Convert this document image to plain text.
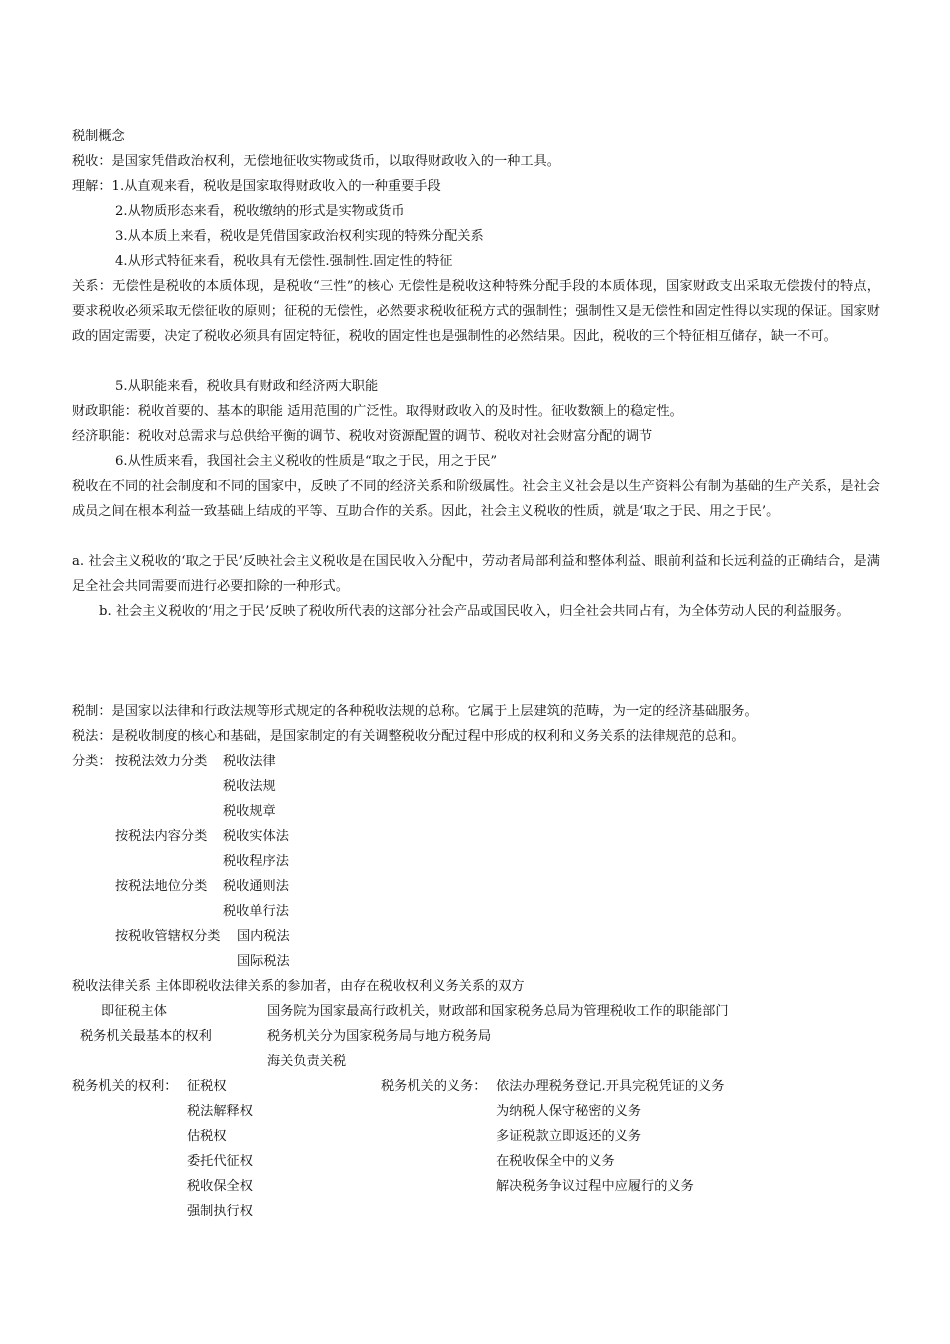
税制概念
税收：是国家凭借政治权利，无偿地征收实物或货币，以取得财政收入的一种工具。
理解：1.从直观来看，税收是国家取得财政收入的一种重要手段
2.从物质形态来看，税收缴纳的形式是实物或货币
3.从本质上来看，税收是凭借国家政治权利实现的特殊分配关系
4.从形式特征来看，税收具有无偿性.强制性.固定性的特征
关系：无偿性是税收的本质体现，是税收“三性”的核心 无偿性是税收这种特殊分配手段的本质体现，国家财政支出采取无偿拨付的特点，要求税收必须采取无偿征收的原则；征税的无偿性，必然要求税收征税方式的强制性；强制性又是无偿性和固定性得以实现的保证。国家财政的固定需要，决定了税收必须具有固定特征，税收的固定性也是强制性的必然结果。因此，税收的三个特征相互储存，缺一不可。
5.从职能来看，税收具有财政和经济两大职能
财政职能：税收首要的、基本的职能 适用范围的广泛性。取得财政收入的及时性。征收数额上的稳定性。
经济职能：税收对总需求与总供给平衡的调节、税收对资源配置的调节、税收对社会财富分配的调节
6.从性质来看，我国社会主义税收的性质是“取之于民，用之于民”
税收在不同的社会制度和不同的国家中，反映了不同的经济关系和阶级属性。社会主义社会是以生产资料公有制为基础的生产关系，是社会成员之间在根本利益一致基础上结成的平等、互助合作的关系。因此，社会主义税收的性质，就是‘取之于民、用之于民’。
a. 社会主义税收的‘取之于民’反映社会主义税收是在国民收入分配中，劳动者局部利益和整体利益、眼前利益和长远利益的正确结合，是满足全社会共同需要而进行必要扣除的一种形式。
b. 社会主义税收的‘用之于民’反映了税收所代表的这部分社会产品或国民收入，归全社会共同占有，为全体劳动人民的利益服务。
税制：是国家以法律和行政法规等形式规定的各种税收法规的总称。它属于上层建筑的范畴，为一定的经济基础服务。
税法：是税收制度的核心和基础，是国家制定的有关调整税收分配过程中形成的权利和义务关系的法律规范的总和。
分类： 按税法效力分类 税收法律
税收法规
税收规章
按税法内容分类 税收实体法
税收程序法
按税法地位分类 税收通则法
税收单行法
按税收管辖权分类 国内税法
国际税法
税收法律关系 主体即税收法律关系的参加者，由存在税收权利义务关系的双方
即征税主体
税务机关最基本的权利
国务院为国家最高行政机关，财政部和国家税务总局为管理税收工作的职能部门
税务机关分为国家税务局与地方税务局
海关负责关税
税务机关的权利： 征税权
税法解释权
估税权
委托代征权
税收保全权
强制执行权
税务机关的义务： 依法办理税务登记.开具完税凭证的义务
为纳税人保守秘密的义务
多证税款立即返还的义务
在税收保全中的义务
解决税务争议过程中应履行的义务
